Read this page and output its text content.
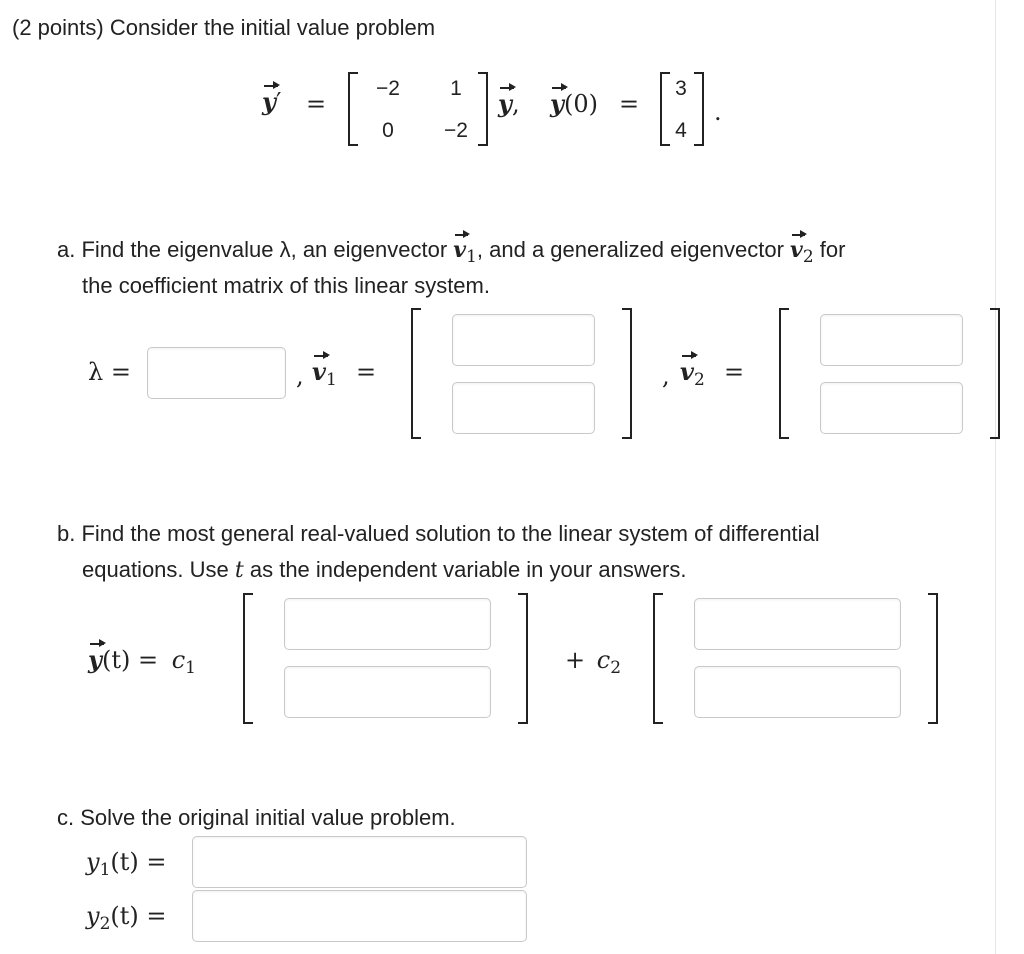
(2 points) Consider the initial value problem
y′ =
−2	1
0	−2
y, y(0) =
3
4
.
a. Find the eigenvalue λ, an eigenvector $v_1$, and a generalized eigenvector $v_2$ for
the coefficient matrix of this linear system.
λ =	, $v_1$ =	, $v_2$ =
b. Find the most general real-valued solution to the linear system of differential
equations. Use t as the independent variable in your answers.
$y(t) = c_1$	+ $c_2$
c. Solve the original initial value problem.
$y_1(t)$ =
$y_2(t)$ =
